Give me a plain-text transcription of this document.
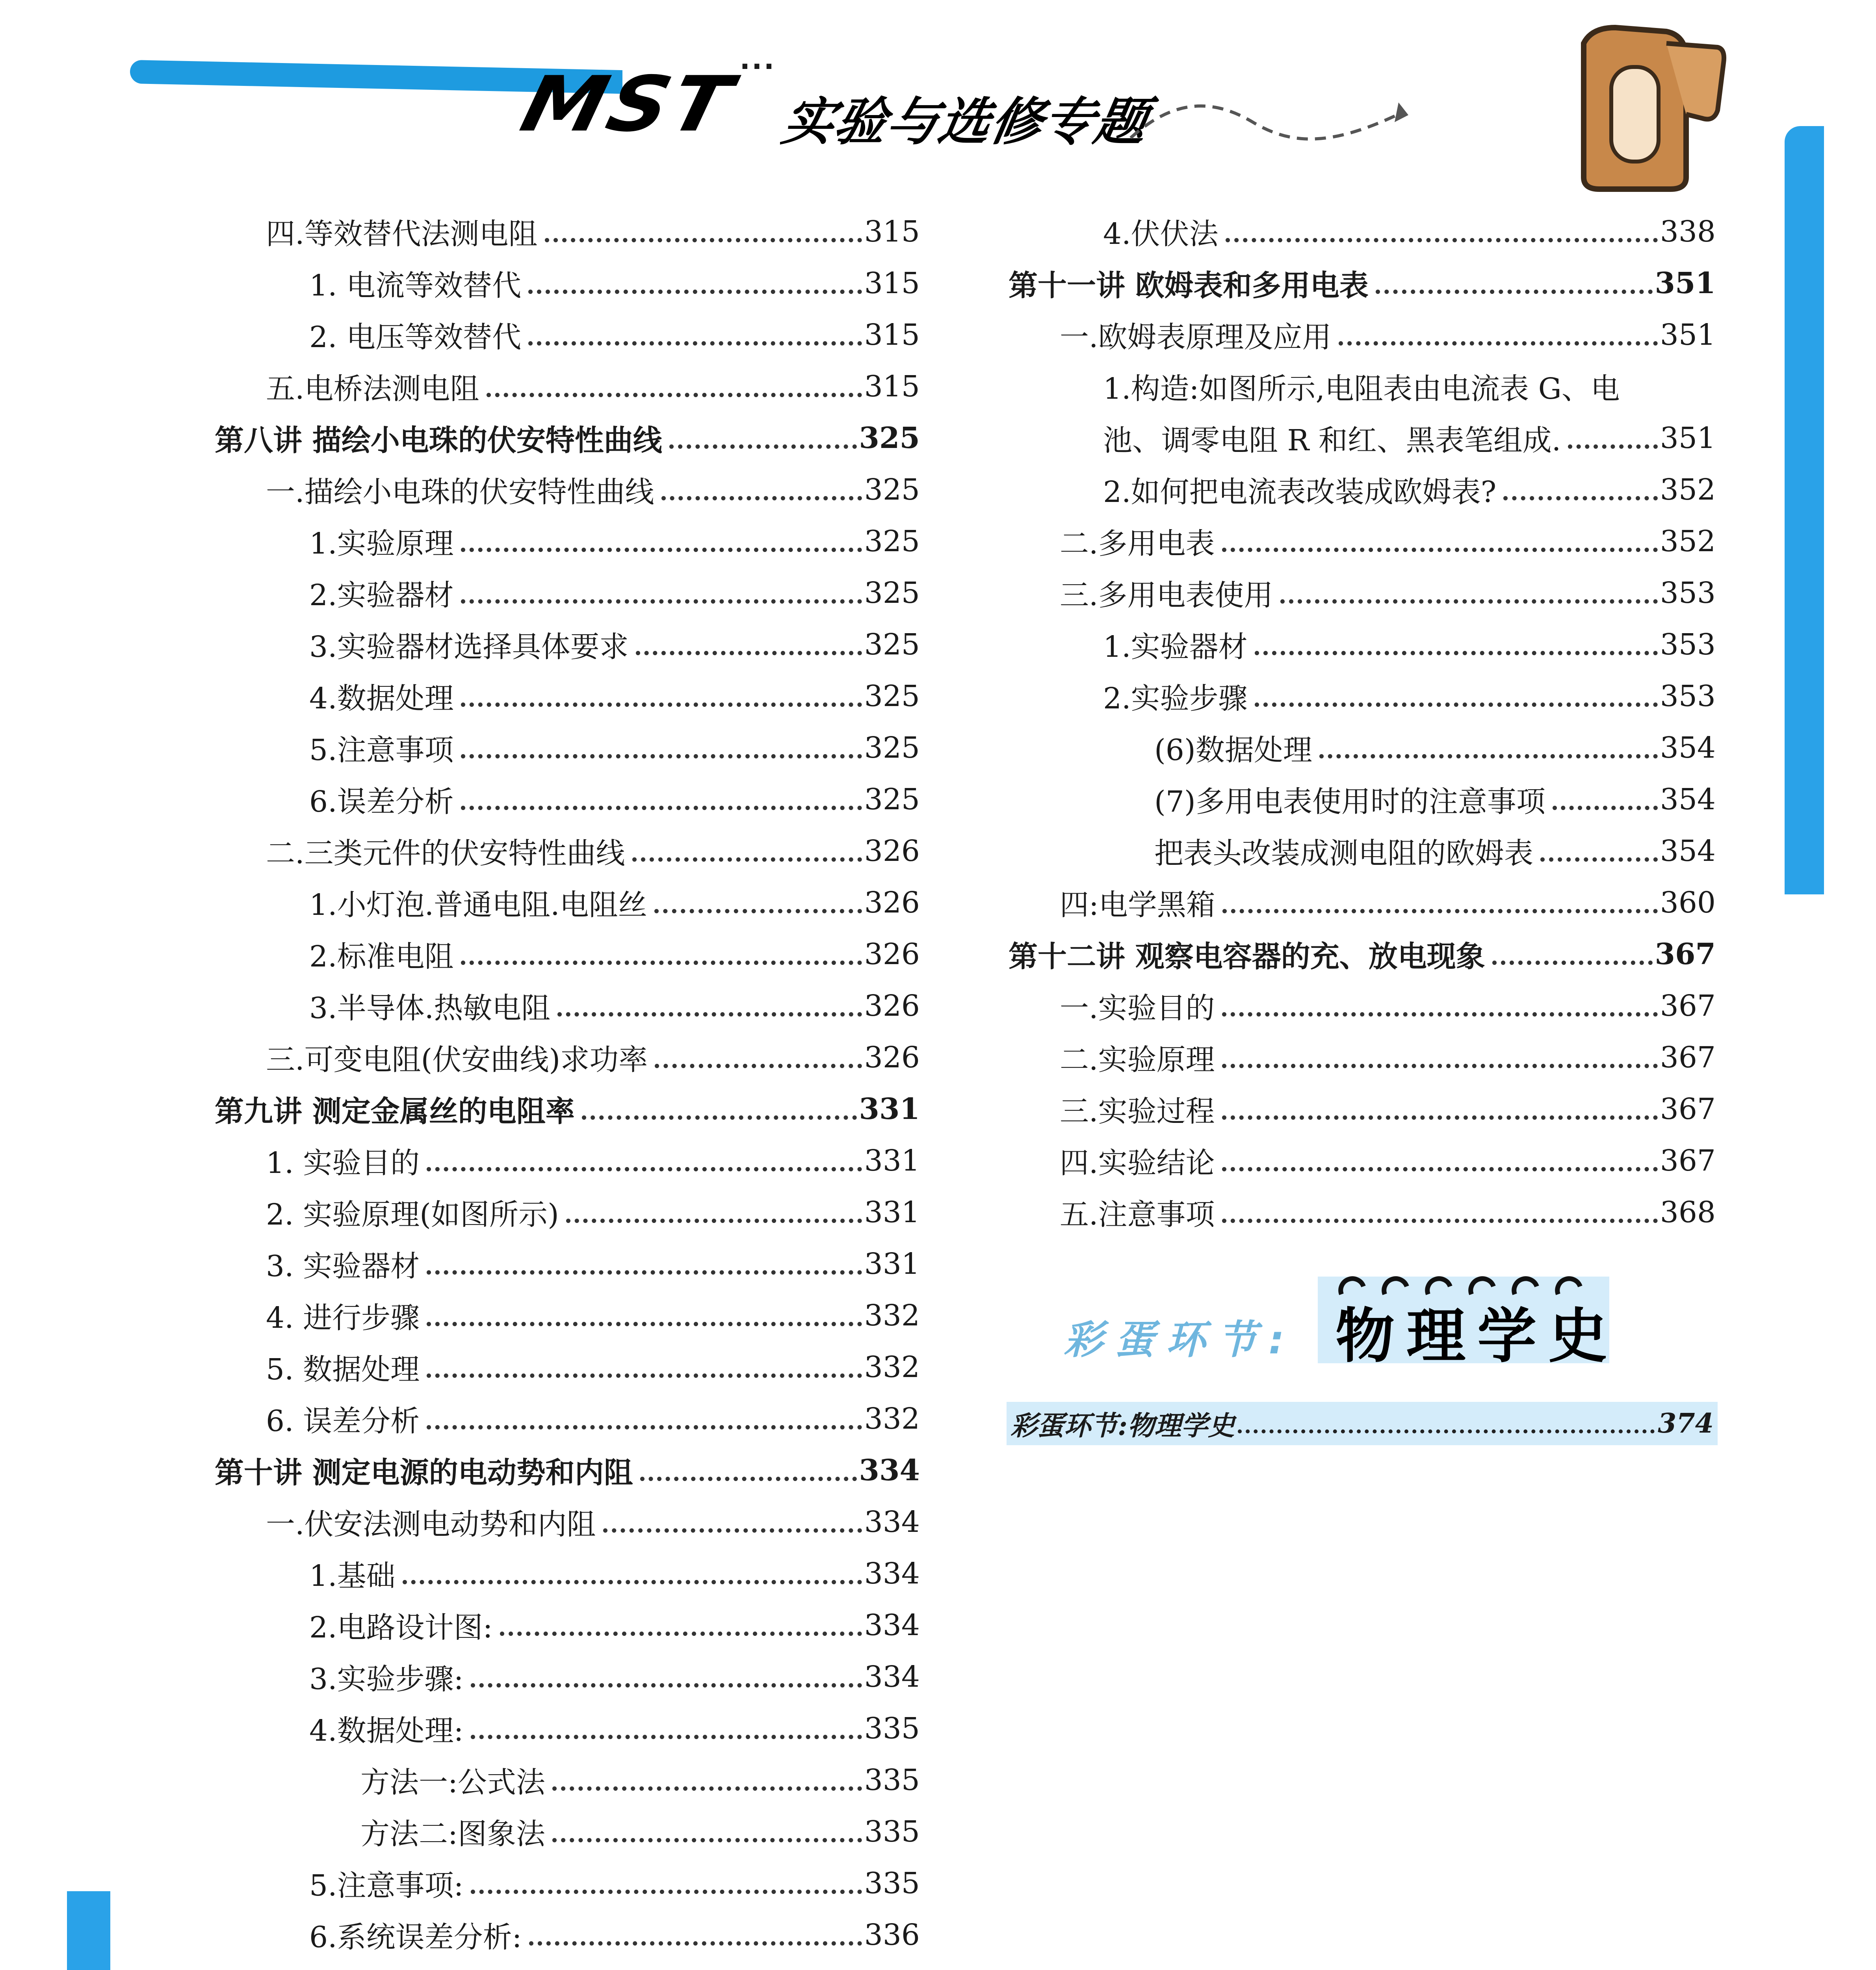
MST
···
实验与选修专题
四.等效替代法测电阻	315
1. 电流等效替代	315
2. 电压等效替代	315
五.电桥法测电阻	315
第八讲 描绘小电珠的伏安特性曲线	325
一.描绘小电珠的伏安特性曲线	325
1.实验原理	325
2.实验器材	325
3.实验器材选择具体要求	325
4.数据处理	325
5.注意事项	325
6.误差分析	325
二.三类元件的伏安特性曲线	326
1.小灯泡.普通电阻.电阻丝	326
2.标准电阻	326
3.半导体.热敏电阻	326
三.可变电阻(伏安曲线)求功率	326
第九讲 测定金属丝的电阻率	331
1. 实验目的	331
2. 实验原理(如图所示)	331
3. 实验器材	331
4. 进行步骤	332
5. 数据处理	332
6. 误差分析	332
第十讲 测定电源的电动势和内阻	334
一.伏安法测电动势和内阻	334
1.基础	334
2.电路设计图:	334
3.实验步骤:	334
4.数据处理:	335
方法一:公式法	335
方法二:图象法	335
5.注意事项:	335
6.系统误差分析:	336
4.伏伏法	338
第十一讲 欧姆表和多用电表	351
一.欧姆表原理及应用	351
1.构造:如图所示,电阻表由电流表 G、电
池、调零电阻 R 和红、黑表笔组成.	351
2.如何把电流表改装成欧姆表?	352
二.多用电表	352
三.多用电表使用	353
1.实验器材	353
2.实验步骤	353
(6)数据处理	354
(7)多用电表使用时的注意事项	354
把表头改装成测电阻的欧姆表	354
四:电学黑箱	360
第十二讲 观察电容器的充、放电现象	367
一.实验目的	367
二.实验原理	367
三.实验过程	367
四.实验结论	367
五.注意事项	368
彩蛋环节: 物理学史
彩蛋环节:物理学史	374
